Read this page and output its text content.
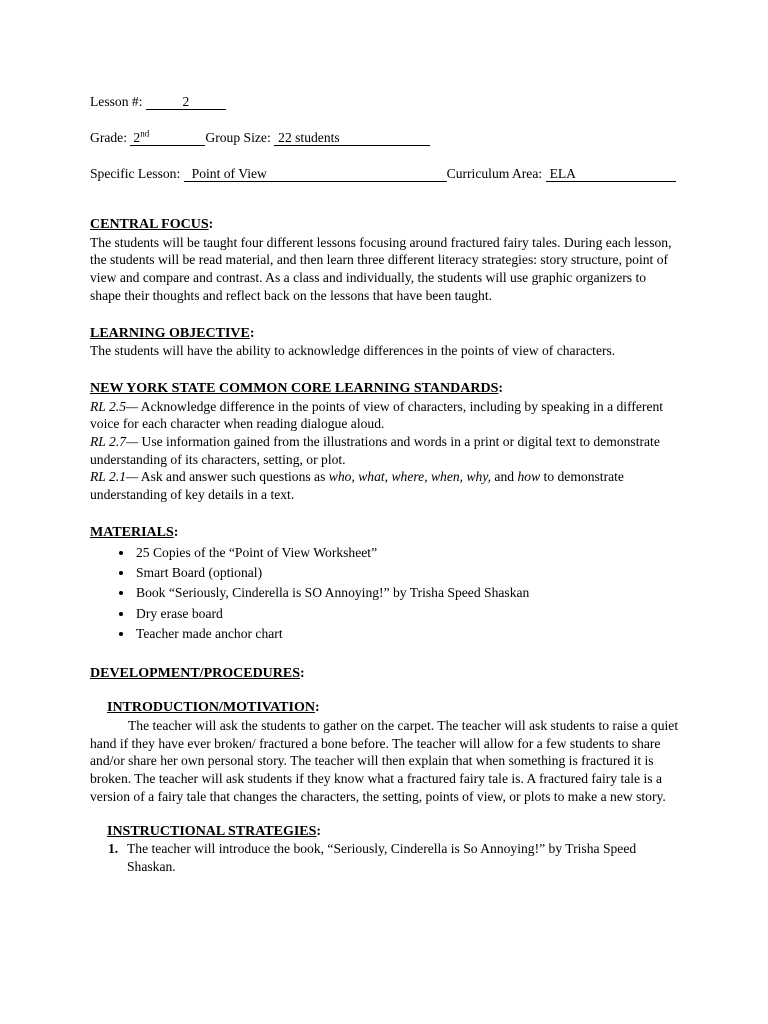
Lesson #:	2
Grade: 2nd	Group Size: 22 students
Specific Lesson: Point of View	Curriculum Area: ELA
CENTRAL FOCUS:

The students will be taught four different lessons focusing around fractured fairy tales. During each lesson, the students will be read material, and then learn three different literacy strategies: story structure, point of view and compare and contrast. As a class and individually, the students will use graphic organizers to shape their thoughts and reflect back on the lessons that have been taught.

LEARNING OBJECTIVE:

The students will have the ability to acknowledge differences in the points of view of characters.

NEW YORK STATE COMMON CORE LEARNING STANDARDS:

RL 2.5— Acknowledge difference in the points of view of characters, including by speaking in a different voice for each character when reading dialogue aloud.

RL 2.7— Use information gained from the illustrations and words in a print or digital text to demonstrate understanding of its characters, setting, or plot.

RL 2.1— Ask and answer such questions as who, what, where, when, why, and how to demonstrate understanding of key details in a text.

MATERIALS:
• 25 Copies of the “Point of View Worksheet”
• Smart Board (optional)
• Book “Seriously, Cinderella is SO Annoying!” by Trisha Speed Shaskan
• Dry erase board
• Teacher made anchor chart
DEVELOPMENT/PROCEDURES:
INTRODUCTION/MOTIVATION:

The teacher will ask the students to gather on the carpet. The teacher will ask students to raise a quiet hand if they have ever broken/ fractured a bone before. The teacher will allow for a few students to share and/or share her own personal story. The teacher will then explain that when something is fractured it is broken. The teacher will ask students if they know what a fractured fairy tale is. A fractured fairy tale is a version of a fairy tale that changes the characters, the setting, points of view, or plots to make a new story.

INSTRUCTIONAL STRATEGIES:
1. The teacher will introduce the book, “Seriously, Cinderella is So Annoying!” by Trisha Speed Shaskan.
